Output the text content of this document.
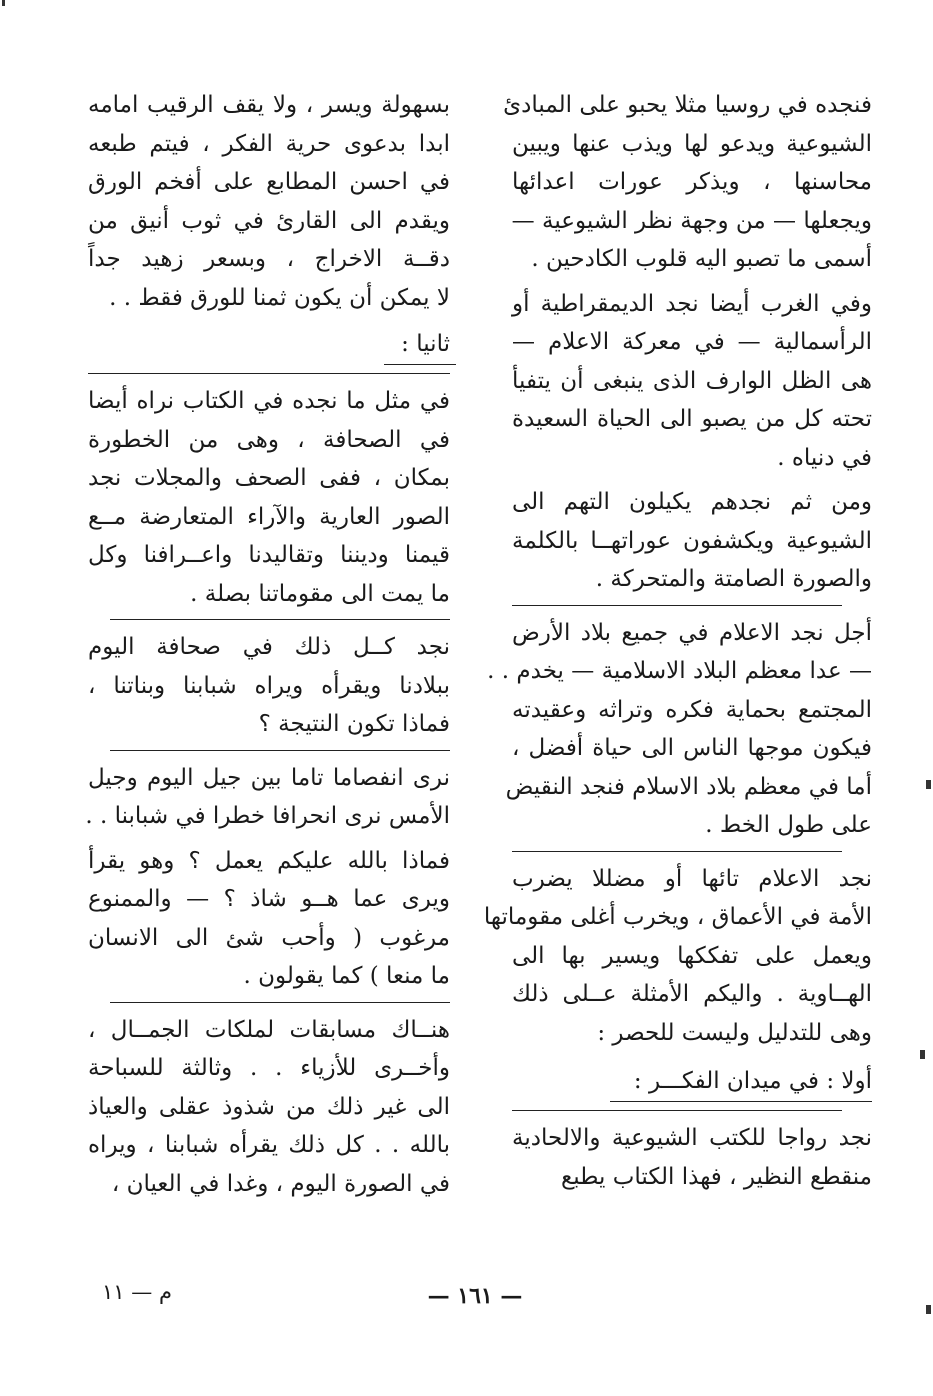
فنجده في روسيا مثلا يحبو على المبادئ
الشيوعية ويدعو لها ويذب عنها ويبين
محاسنها ، ويذكر عورات اعدائها
ويجعلها — من وجهة نظر الشيوعية —
أسمى ما تصبو اليه قلوب الكادحين .

وفي الغرب أيضا نجد الديمقراطية أو
الرأسمالية — في معركة الاعلام —
هى الظل الوارف الذى ينبغى أن يتفيأ
تحته كل من يصبو الى الحياة السعيدة
في دنياه .

ومن ثم نجدهم يكيلون التهم الى
الشيوعية ويكشفون عوراتهــا بالكلمة
والصورة الصامتة والمتحركة .

أجل نجد الاعلام في جميع بلاد الأرض
— عدا معظم البلاد الاسلامية — يخدم . .
المجتمع بحماية فكره وتراثه وعقيدته
فيكون موجها الناس الى حياة أفضل ،
أما في معظم بلاد الاسلام فنجد النقيض
على طول الخط .

نجد الاعلام تائها أو مضللا يضرب
الأمة في الأعماق ، ويخرب أغلى مقوماتها
ويعمل على تفككها ويسير بها الى
الهــاوية . واليكم الأمثلة عــلى ذلك
وهى للتدليل وليست للحصر :

أولا : في ميدان الفكـــر :

نجد رواجا للكتب الشيوعية والالحادية
منقطع النظير ، فهذا الكتاب يطبع

بسهولة ويسر ، ولا يقف الرقيب امامه
ابدا بدعوى حرية الفكر ، فيتم طبعه
في احسن المطابع على أفخم الورق
ويقدم الى القارئ في ثوب أنيق من
دقــة الاخراج ، وبسعر زهيد جداً
لا يمكن أن يكون ثمنا للورق فقط . .

ثانيا :

في مثل ما نجده في الكتاب نراه أيضا
في الصحافة ، وهى من الخطورة
بمكان ، ففى الصحف والمجلات نجد
الصور العارية والآراء المتعارضة مــع
قيمنا وديننا وتقاليدنا واعــرافنا وكل
ما يمت الى مقوماتنا بصلة .

نجد كــل ذلك في صحافة اليوم
ببلادنا ويقرأه ويراه شبابنا وبناتنا ،
فماذا تكون النتيجة ؟

نرى انفصاما تاما بين جيل اليوم وجيل
الأمس نرى انحرافا خطرا في شبابنا . .

فماذا بالله عليكم يعمل ؟ وهو يقرأ
ويرى عما هــو شاذ ؟ — والممنوع
مرغوب ( وأحب شئ الى الانسان
ما منعا ) كما يقولون .

هنــاك مسابقات لملكات الجمــال ،
وأخــرى للأزياء . . وثالثة للسباحة
الى غير ذلك من شذوذ عقلى والعياذ
بالله . . كل ذلك يقرأه شبابنا ، ويراه
في الصورة اليوم ، وغدا في العيان ،

— ١٦١ —
م — ١١
